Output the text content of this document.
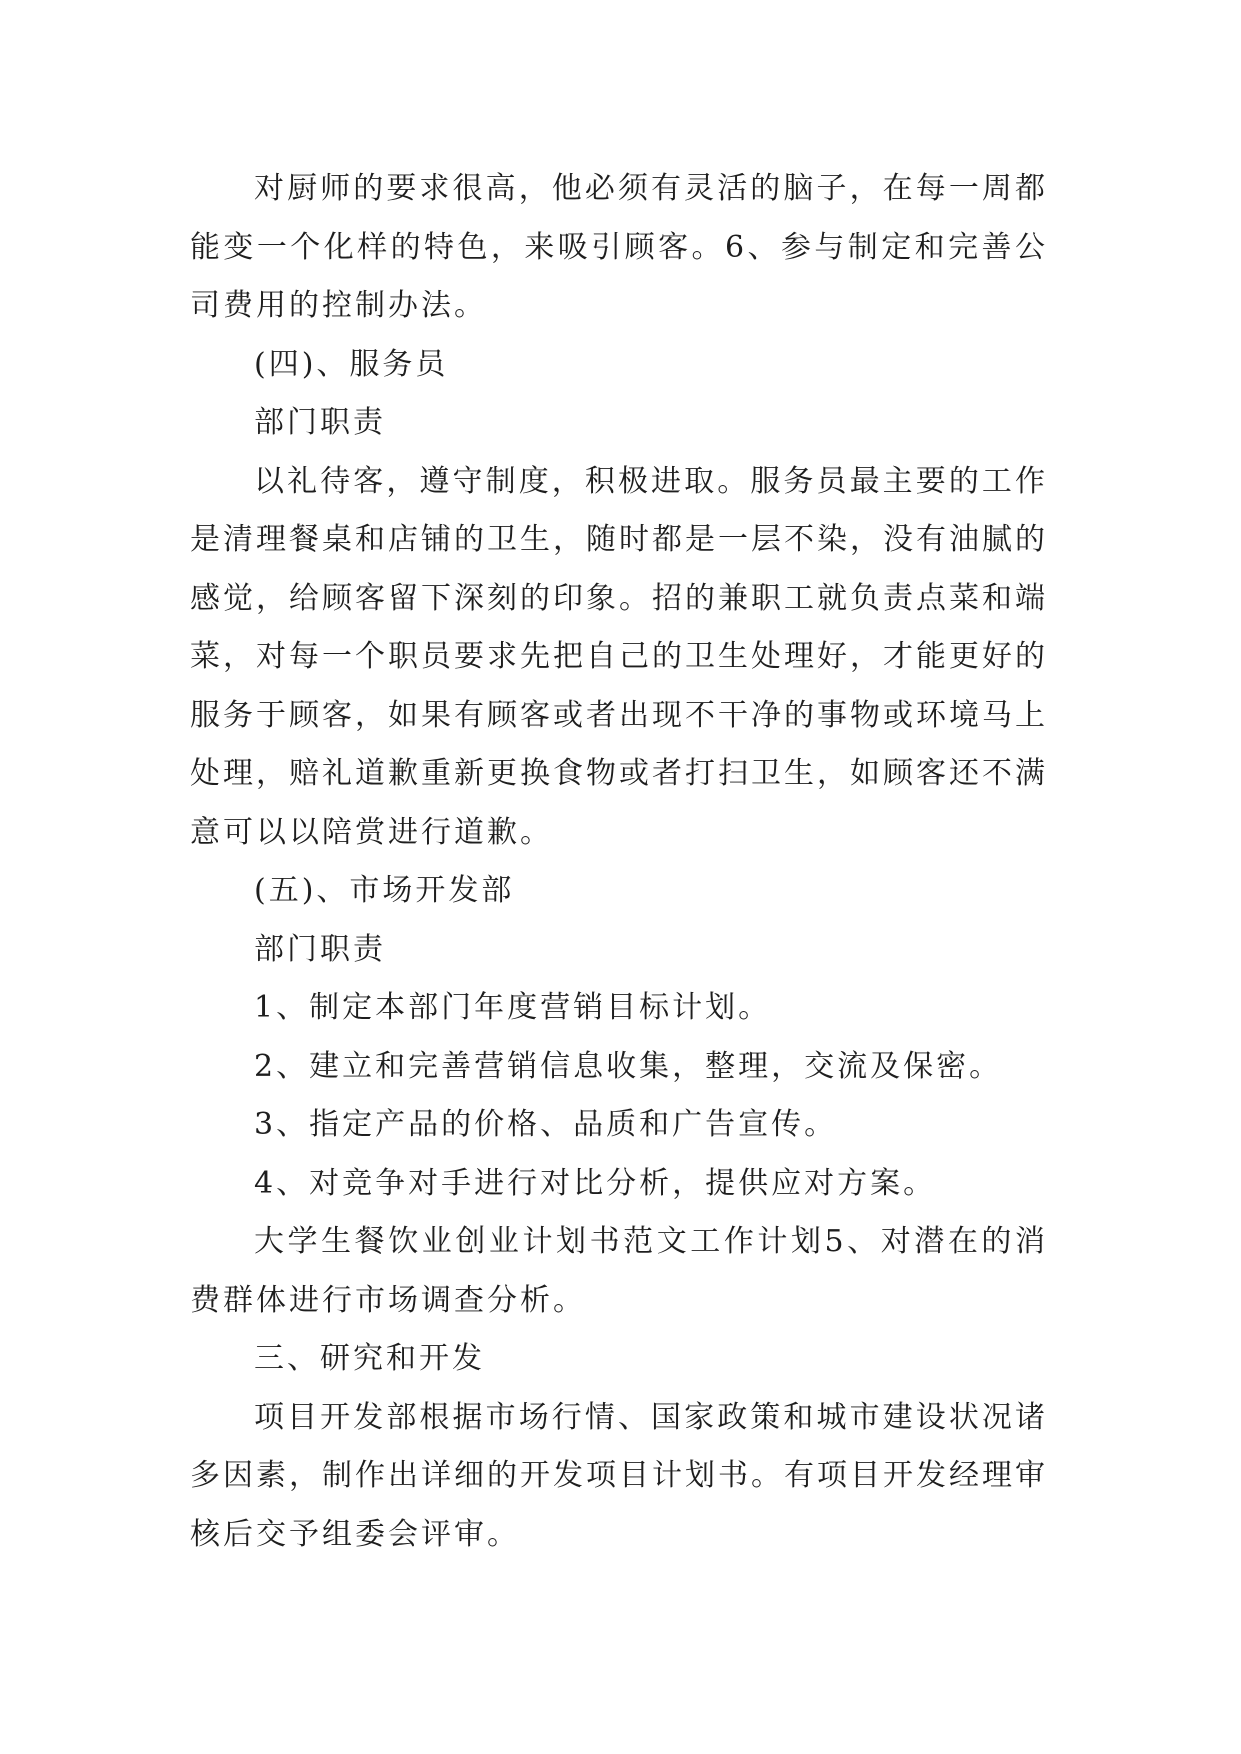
对厨师的要求很高，他必须有灵活的脑子，在每一周都能变一个化样的特色，来吸引顾客。6、参与制定和完善公司费用的控制办法。

(四)、服务员

部门职责

以礼待客，遵守制度，积极进取。服务员最主要的工作是清理餐桌和店铺的卫生，随时都是一层不染，没有油腻的感觉，给顾客留下深刻的印象。招的兼职工就负责点菜和端菜，对每一个职员要求先把自己的卫生处理好，才能更好的服务于顾客，如果有顾客或者出现不干净的事物或环境马上处理，赔礼道歉重新更换食物或者打扫卫生，如顾客还不满意可以以陪赏进行道歉。

(五)、市场开发部

部门职责

1、制定本部门年度营销目标计划。

2、建立和完善营销信息收集，整理，交流及保密。

3、指定产品的价格、品质和广告宣传。

4、对竞争对手进行对比分析，提供应对方案。

大学生餐饮业创业计划书范文工作计划5、对潜在的消费群体进行市场调查分析。

三、研究和开发

项目开发部根据市场行情、国家政策和城市建设状况诸多因素，制作出详细的开发项目计划书。有项目开发经理审核后交予组委会评审。
